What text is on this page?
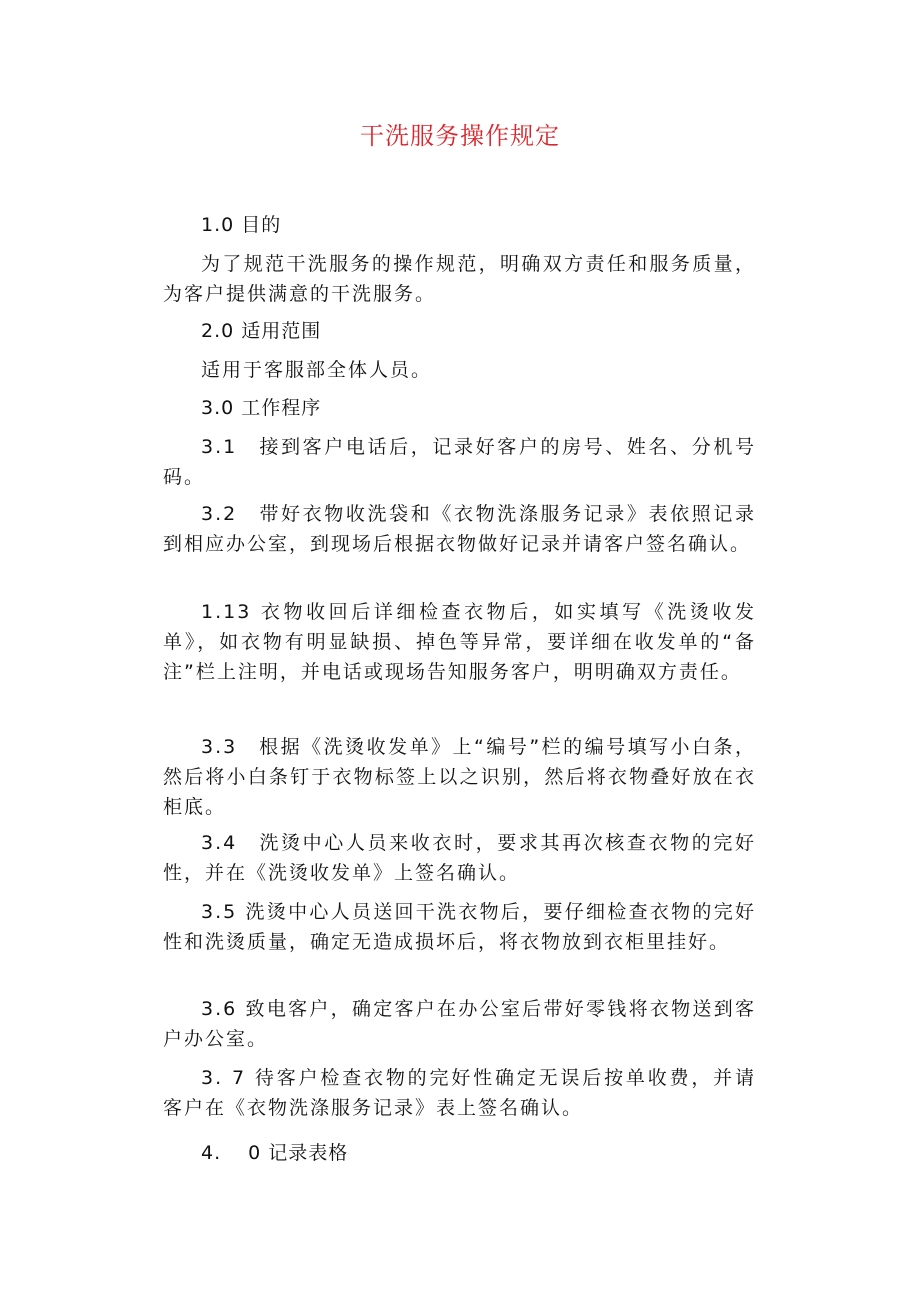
干洗服务操作规定
1.0 目的
为了规范干洗服务的操作规范，明确双方责任和服务质量，为客户提供满意的干洗服务。
2.0 适用范围
适用于客服部全体人员。
3.0 工作程序
3.1　接到客户电话后，记录好客户的房号、姓名、分机号码。
3.2　带好衣物收洗袋和《衣物洗涤服务记录》表依照记录到相应办公室，到现场后根据衣物做好记录并请客户签名确认。
1.13 衣物收回后详细检查衣物后，如实填写《洗烫收发单》，如衣物有明显缺损、掉色等异常，要详细在收发单的“备注”栏上注明，并电话或现场告知服务客户，明明确双方责任。
3.3　根据《洗烫收发单》上“编号”栏的编号填写小白条，然后将小白条钉于衣物标签上以之识别，然后将衣物叠好放在衣柜底。
3.4　洗烫中心人员来收衣时，要求其再次核查衣物的完好性，并在《洗烫收发单》上签名确认。
3.5 洗烫中心人员送回干洗衣物后，要仔细检查衣物的完好性和洗烫质量，确定无造成损坏后，将衣物放到衣柜里挂好。
3.6 致电客户，确定客户在办公室后带好零钱将衣物送到客户办公室。
3. 7 待客户检查衣物的完好性确定无误后按单收费，并请客户在《衣物洗涤服务记录》表上签名确认。
4.　 0 记录表格
